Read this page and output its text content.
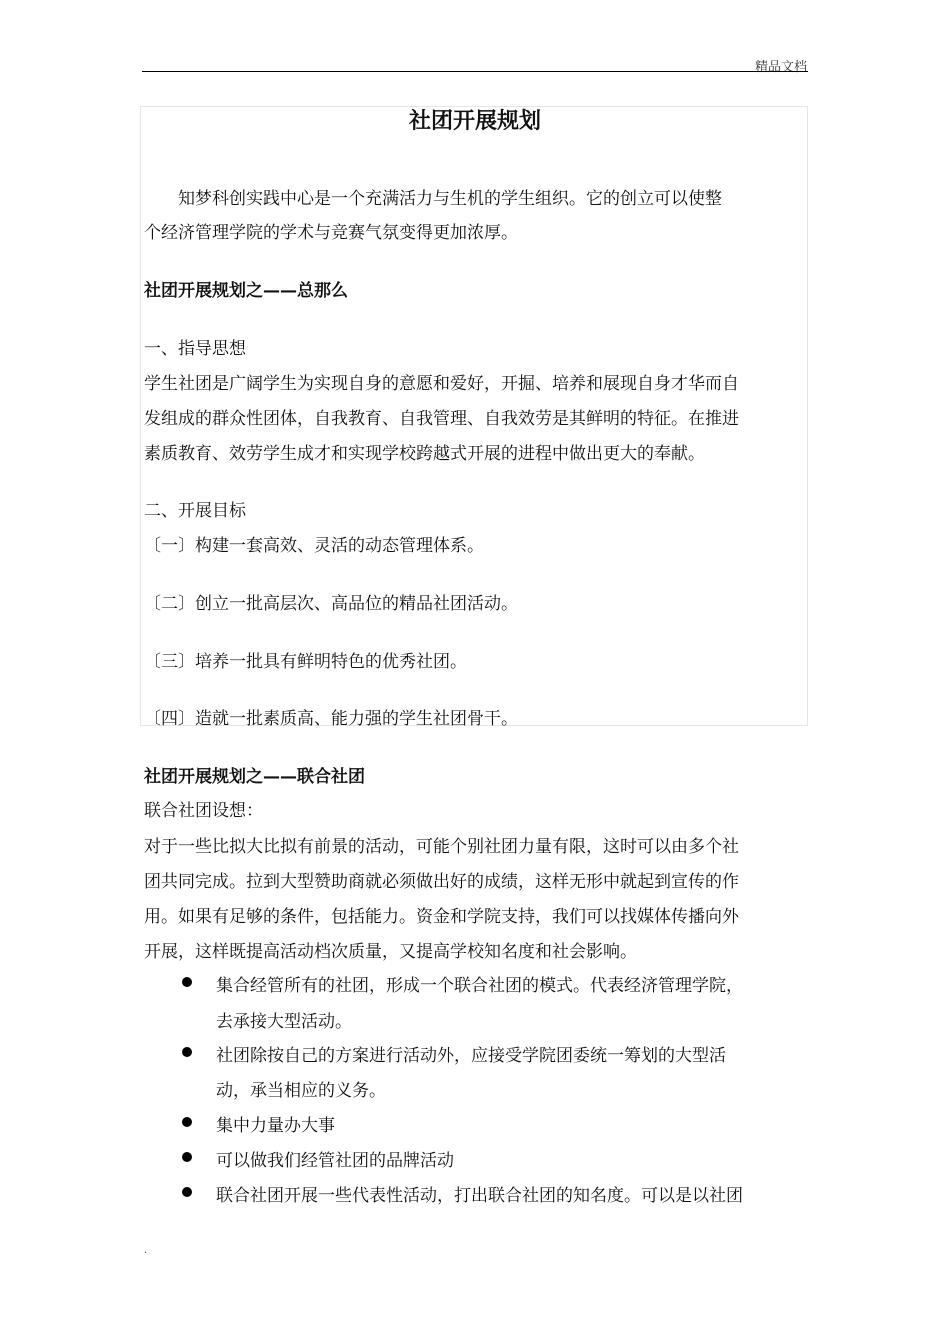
精品文档
社团开展规划
　　知梦科创实践中心是一个充满活力与生机的学生组织。它的创立可以使整
个经济管理学院的学术与竞赛气氛变得更加浓厚。
社团开展规划之——总那么
一、指导思想
学生社团是广阔学生为实现自身的意愿和爱好，开掘、培养和展现自身才华而自
发组成的群众性团体，自我教育、自我管理、自我效劳是其鲜明的特征。在推进
素质教育、效劳学生成才和实现学校跨越式开展的进程中做出更大的奉献。
二、开展目标
〔一〕构建一套高效、灵活的动态管理体系。
〔二〕创立一批高层次、高品位的精品社团活动。
〔三〕培养一批具有鲜明特色的优秀社团。
〔四〕造就一批素质高、能力强的学生社团骨干。
社团开展规划之——联合社团
联合社团设想：
对于一些比拟大比拟有前景的活动，可能个别社团力量有限，这时可以由多个社
团共同完成。拉到大型赞助商就必须做出好的成绩，这样无形中就起到宣传的作
用。如果有足够的条件，包括能力。资金和学院支持，我们可以找媒体传播向外
开展，这样既提高活动档次质量，又提高学校知名度和社会影响。
集合经管所有的社团，形成一个联合社团的模式。代表经济管理学院，
去承接大型活动。
社团除按自己的方案进行活动外，应接受学院团委统一筹划的大型活
动，承当相应的义务。
集中力量办大事
可以做我们经管社团的品牌活动
联合社团开展一些代表性活动，打出联合社团的知名度。可以是以社团
.
